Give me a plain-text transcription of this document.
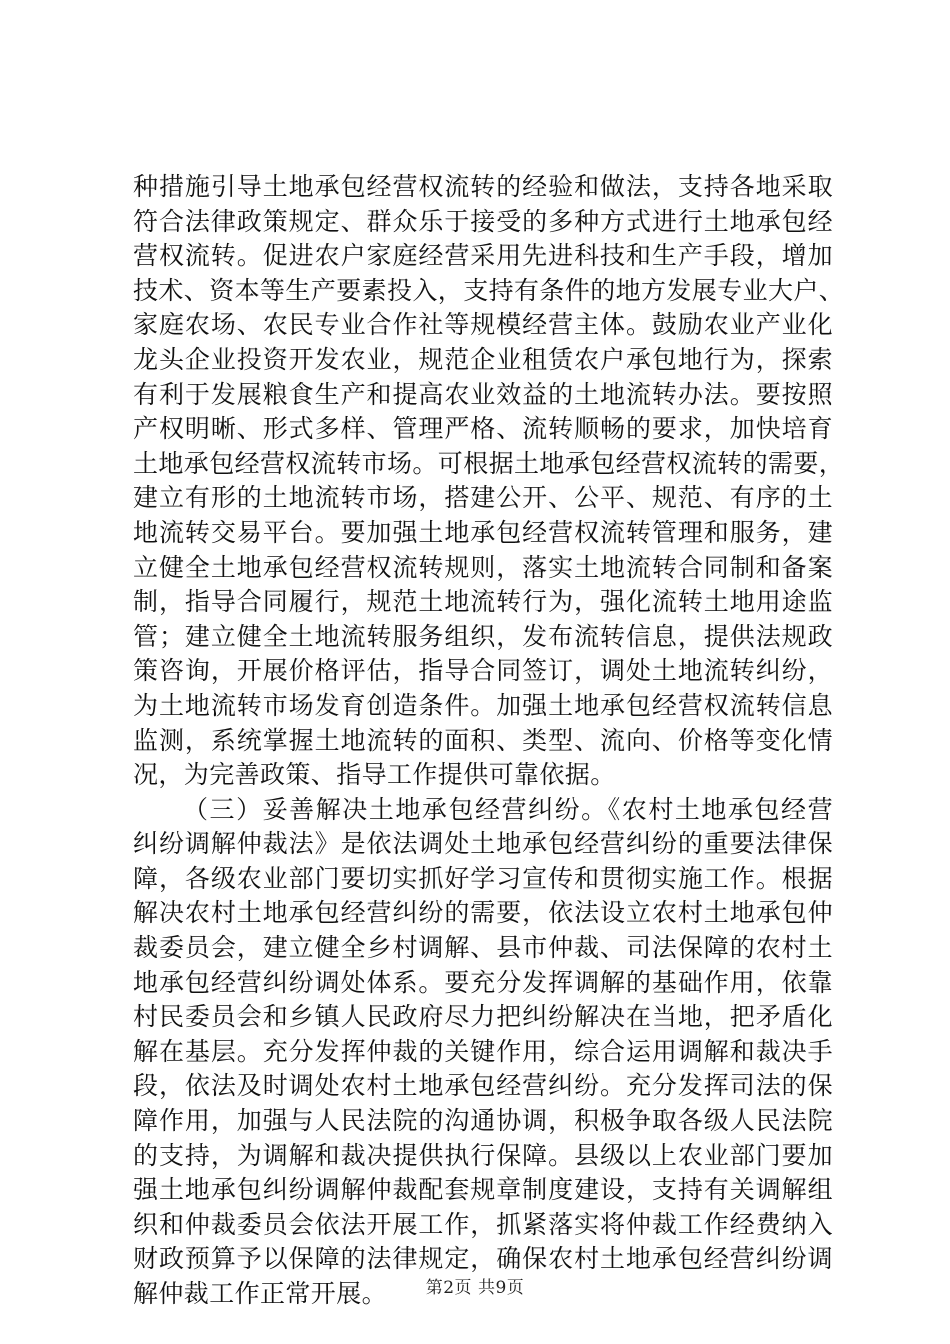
种措施引导土地承包经营权流转的经验和做法，支持各地采取
符合法律政策规定、群众乐于接受的多种方式进行土地承包经
营权流转。促进农户家庭经营采用先进科技和生产手段，增加
技术、资本等生产要素投入，支持有条件的地方发展专业大户、
家庭农场、农民专业合作社等规模经营主体。鼓励农业产业化
龙头企业投资开发农业，规范企业租赁农户承包地行为，探索
有利于发展粮食生产和提高农业效益的土地流转办法。要按照
产权明晰、形式多样、管理严格、流转顺畅的要求，加快培育
土地承包经营权流转市场。可根据土地承包经营权流转的需要，
建立有形的土地流转市场，搭建公开、公平、规范、有序的土
地流转交易平台。要加强土地承包经营权流转管理和服务，建
立健全土地承包经营权流转规则，落实土地流转合同制和备案
制，指导合同履行，规范土地流转行为，强化流转土地用途监
管；建立健全土地流转服务组织，发布流转信息，提供法规政
策咨询，开展价格评估，指导合同签订，调处土地流转纠纷，
为土地流转市场发育创造条件。加强土地承包经营权流转信息
监测，系统掌握土地流转的面积、类型、流向、价格等变化情
况，为完善政策、指导工作提供可靠依据。
（三）妥善解决土地承包经营纠纷。《农村土地承包经营
纠纷调解仲裁法》是依法调处土地承包经营纠纷的重要法律保
障，各级农业部门要切实抓好学习宣传和贯彻实施工作。根据
解决农村土地承包经营纠纷的需要，依法设立农村土地承包仲
裁委员会，建立健全乡村调解、县市仲裁、司法保障的农村土
地承包经营纠纷调处体系。要充分发挥调解的基础作用，依靠
村民委员会和乡镇人民政府尽力把纠纷解决在当地，把矛盾化
解在基层。充分发挥仲裁的关键作用，综合运用调解和裁决手
段，依法及时调处农村土地承包经营纠纷。充分发挥司法的保
障作用，加强与人民法院的沟通协调，积极争取各级人民法院
的支持，为调解和裁决提供执行保障。县级以上农业部门要加
强土地承包纠纷调解仲裁配套规章制度建设，支持有关调解组
织和仲裁委员会依法开展工作，抓紧落实将仲裁工作经费纳入
财政预算予以保障的法律规定，确保农村土地承包经营纠纷调
解仲裁工作正常开展。	第2页 共9页
